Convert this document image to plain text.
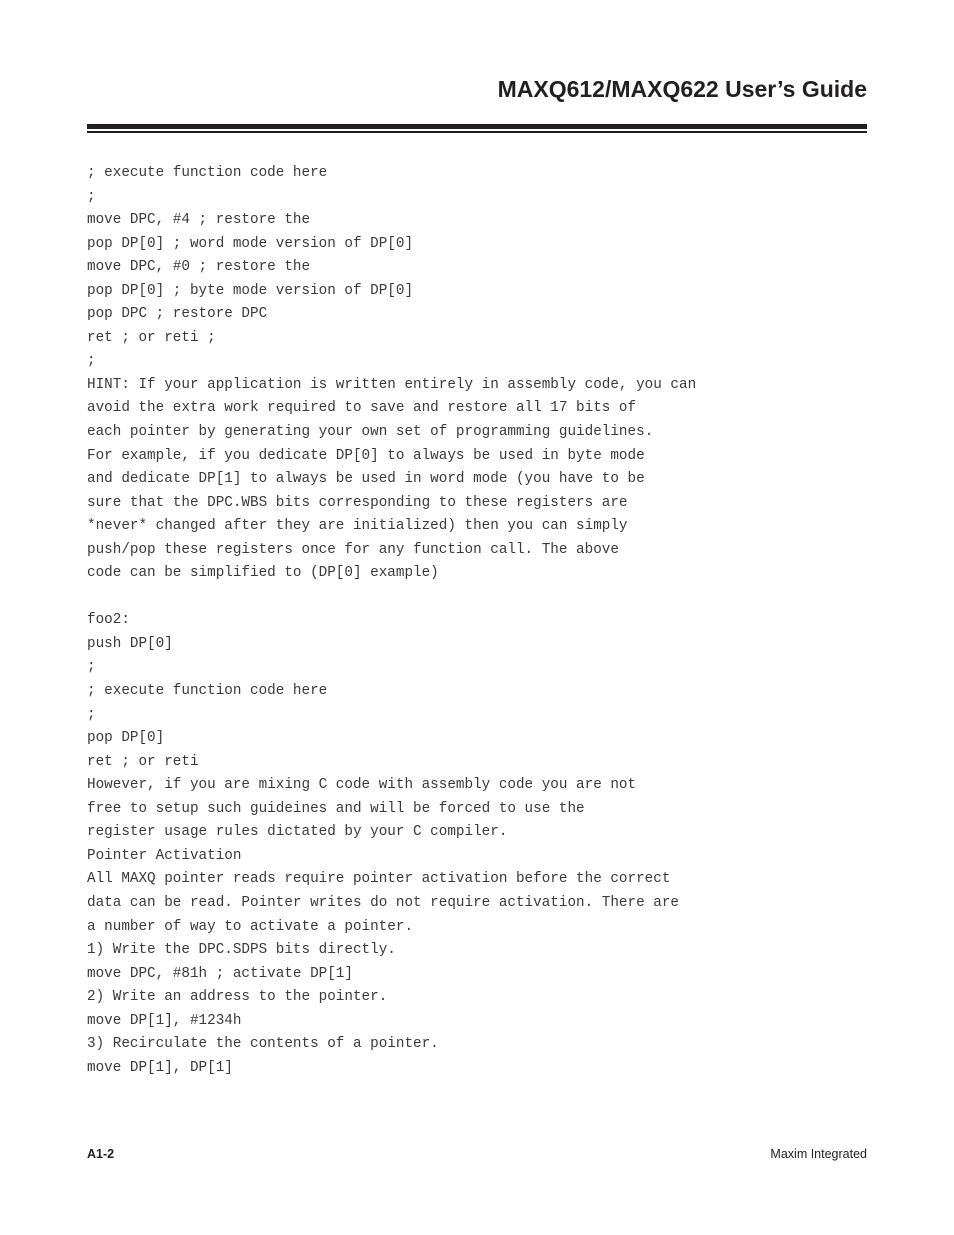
MAXQ612/MAXQ622 User’s Guide
; execute function code here
;
move DPC, #4 ; restore the
pop DP[0] ; word mode version of DP[0]
move DPC, #0 ; restore the
pop DP[0] ; byte mode version of DP[0]
pop DPC ; restore DPC
ret ; or reti ;
;
HINT: If your application is written entirely in assembly code, you can
avoid the extra work required to save and restore all 17 bits of
each pointer by generating your own set of programming guidelines.
For example, if you dedicate DP[0] to always be used in byte mode
and dedicate DP[1] to always be used in word mode (you have to be
sure that the DPC.WBS bits corresponding to these registers are
*never* changed after they are initialized) then you can simply
push/pop these registers once for any function call. The above
code can be simplified to (DP[0] example)
foo2:
push DP[0]
;
; execute function code here
;
pop DP[0]
ret ; or reti
However, if you are mixing C code with assembly code you are not
free to setup such guideines and will be forced to use the
register usage rules dictated by your C compiler.
Pointer Activation
All MAXQ pointer reads require pointer activation before the correct
data can be read. Pointer writes do not require activation. There are
a number of way to activate a pointer.
1) Write the DPC.SDPS bits directly.
move DPC, #81h ; activate DP[1]
2) Write an address to the pointer.
move DP[1], #1234h
3) Recirculate the contents of a pointer.
move DP[1], DP[1]
A1-2	Maxim Integrated
